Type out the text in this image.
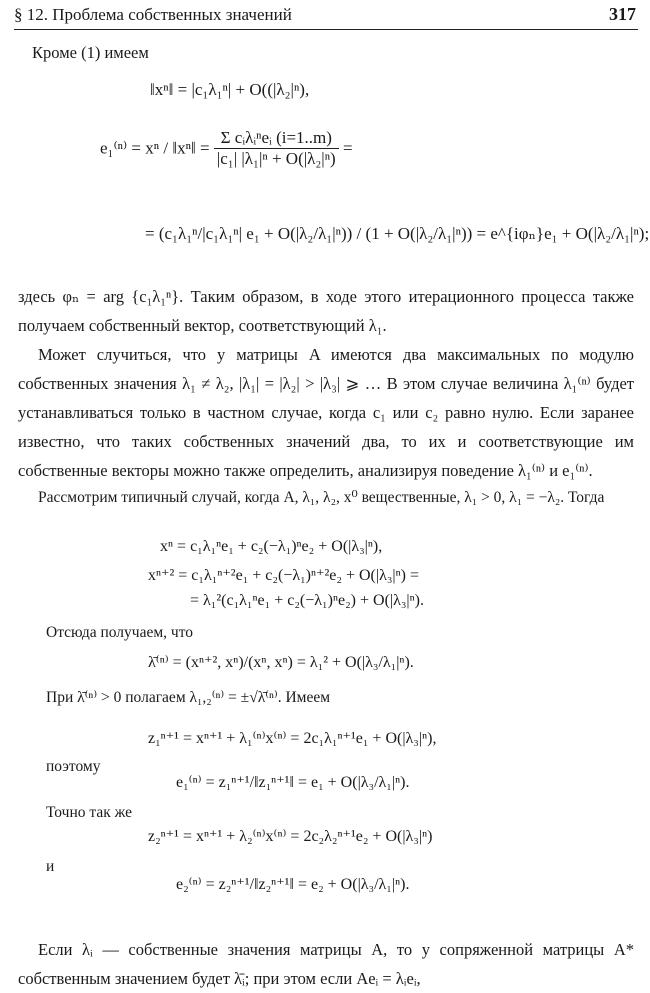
§ 12. Проблема собственных значений	317
Кроме (1) имеем
‖xⁿ‖ = |c₁λ₁ⁿ| + O((|λ₂|ⁿ),
e₁⁽ⁿ⁾ = xⁿ / ‖xⁿ‖ = $\frac{\text{Σ cᵢλᵢⁿeᵢ (i=1..m)}}{\text{|c₁| |λ₁|ⁿ + O(|λ₂|ⁿ)}}$ =
= (c₁λ₁ⁿ/|c₁λ₁ⁿ| e₁ + O(|λ₂/λ₁|ⁿ)) / (1 + O(|λ₂/λ₁|ⁿ)) = e^{iφₙ}e₁ + O(|λ₂/λ₁|ⁿ);
здесь φₙ = arg {c₁λ₁ⁿ}. Таким образом, в ходе этого итерационного процесса также получаем собственный вектор, соответствующий λ₁.
Может случиться, что у матрицы A имеются два максимальных по модулю собственных значения λ₁ ≠ λ₂, |λ₁| = |λ₂| > |λ₃| ⩾ … В этом случае величина λ₁⁽ⁿ⁾ будет устанавливаться только в частном случае, когда c₁ или c₂ равно нулю. Если заранее известно, что таких собственных значений два, то их и соответствующие им собственные векторы можно также определить, анализируя поведение λ₁⁽ⁿ⁾ и e₁⁽ⁿ⁾.
Рассмотрим типичный случай, когда A, λ₁, λ₂, x⁰ вещественные, λ₁ > 0, λ₁ = −λ₂. Тогда
xⁿ = c₁λ₁ⁿe₁ + c₂(−λ₁)ⁿe₂ + O(|λ₃|ⁿ),
xⁿ⁺² = c₁λ₁ⁿ⁺²e₁ + c₂(−λ₁)ⁿ⁺²e₂ + O(|λ₃|ⁿ) =
= λ₁²(c₁λ₁ⁿe₁ + c₂(−λ₁)ⁿe₂) + O(|λ₃|ⁿ).
Отсюда получаем, что
λ̄⁽ⁿ⁾ = (xⁿ⁺², xⁿ)/(xⁿ, xⁿ) = λ₁² + O(|λ₃/λ₁|ⁿ).
При λ̄⁽ⁿ⁾ > 0 полагаем λ₁,₂⁽ⁿ⁾ = ±√λ̄⁽ⁿ⁾. Имеем
z₁ⁿ⁺¹ = xⁿ⁺¹ + λ₁⁽ⁿ⁾x⁽ⁿ⁾ = 2c₁λ₁ⁿ⁺¹e₁ + O(|λ₃|ⁿ),
поэтому
e₁⁽ⁿ⁾ = z₁ⁿ⁺¹/‖z₁ⁿ⁺¹‖ = e₁ + O(|λ₃/λ₁|ⁿ).
Точно так же
z₂ⁿ⁺¹ = xⁿ⁺¹ + λ₂⁽ⁿ⁾x⁽ⁿ⁾ = 2c₂λ₂ⁿ⁺¹e₂ + O(|λ₃|ⁿ)
и
e₂⁽ⁿ⁾ = z₂ⁿ⁺¹/‖z₂ⁿ⁺¹‖ = e₂ + O(|λ₃/λ₁|ⁿ).
Если λᵢ — собственные значения матрицы A, то у сопряженной матрицы A* собственным значением будет λ̄ᵢ; при этом если Aeᵢ = λᵢeᵢ,
